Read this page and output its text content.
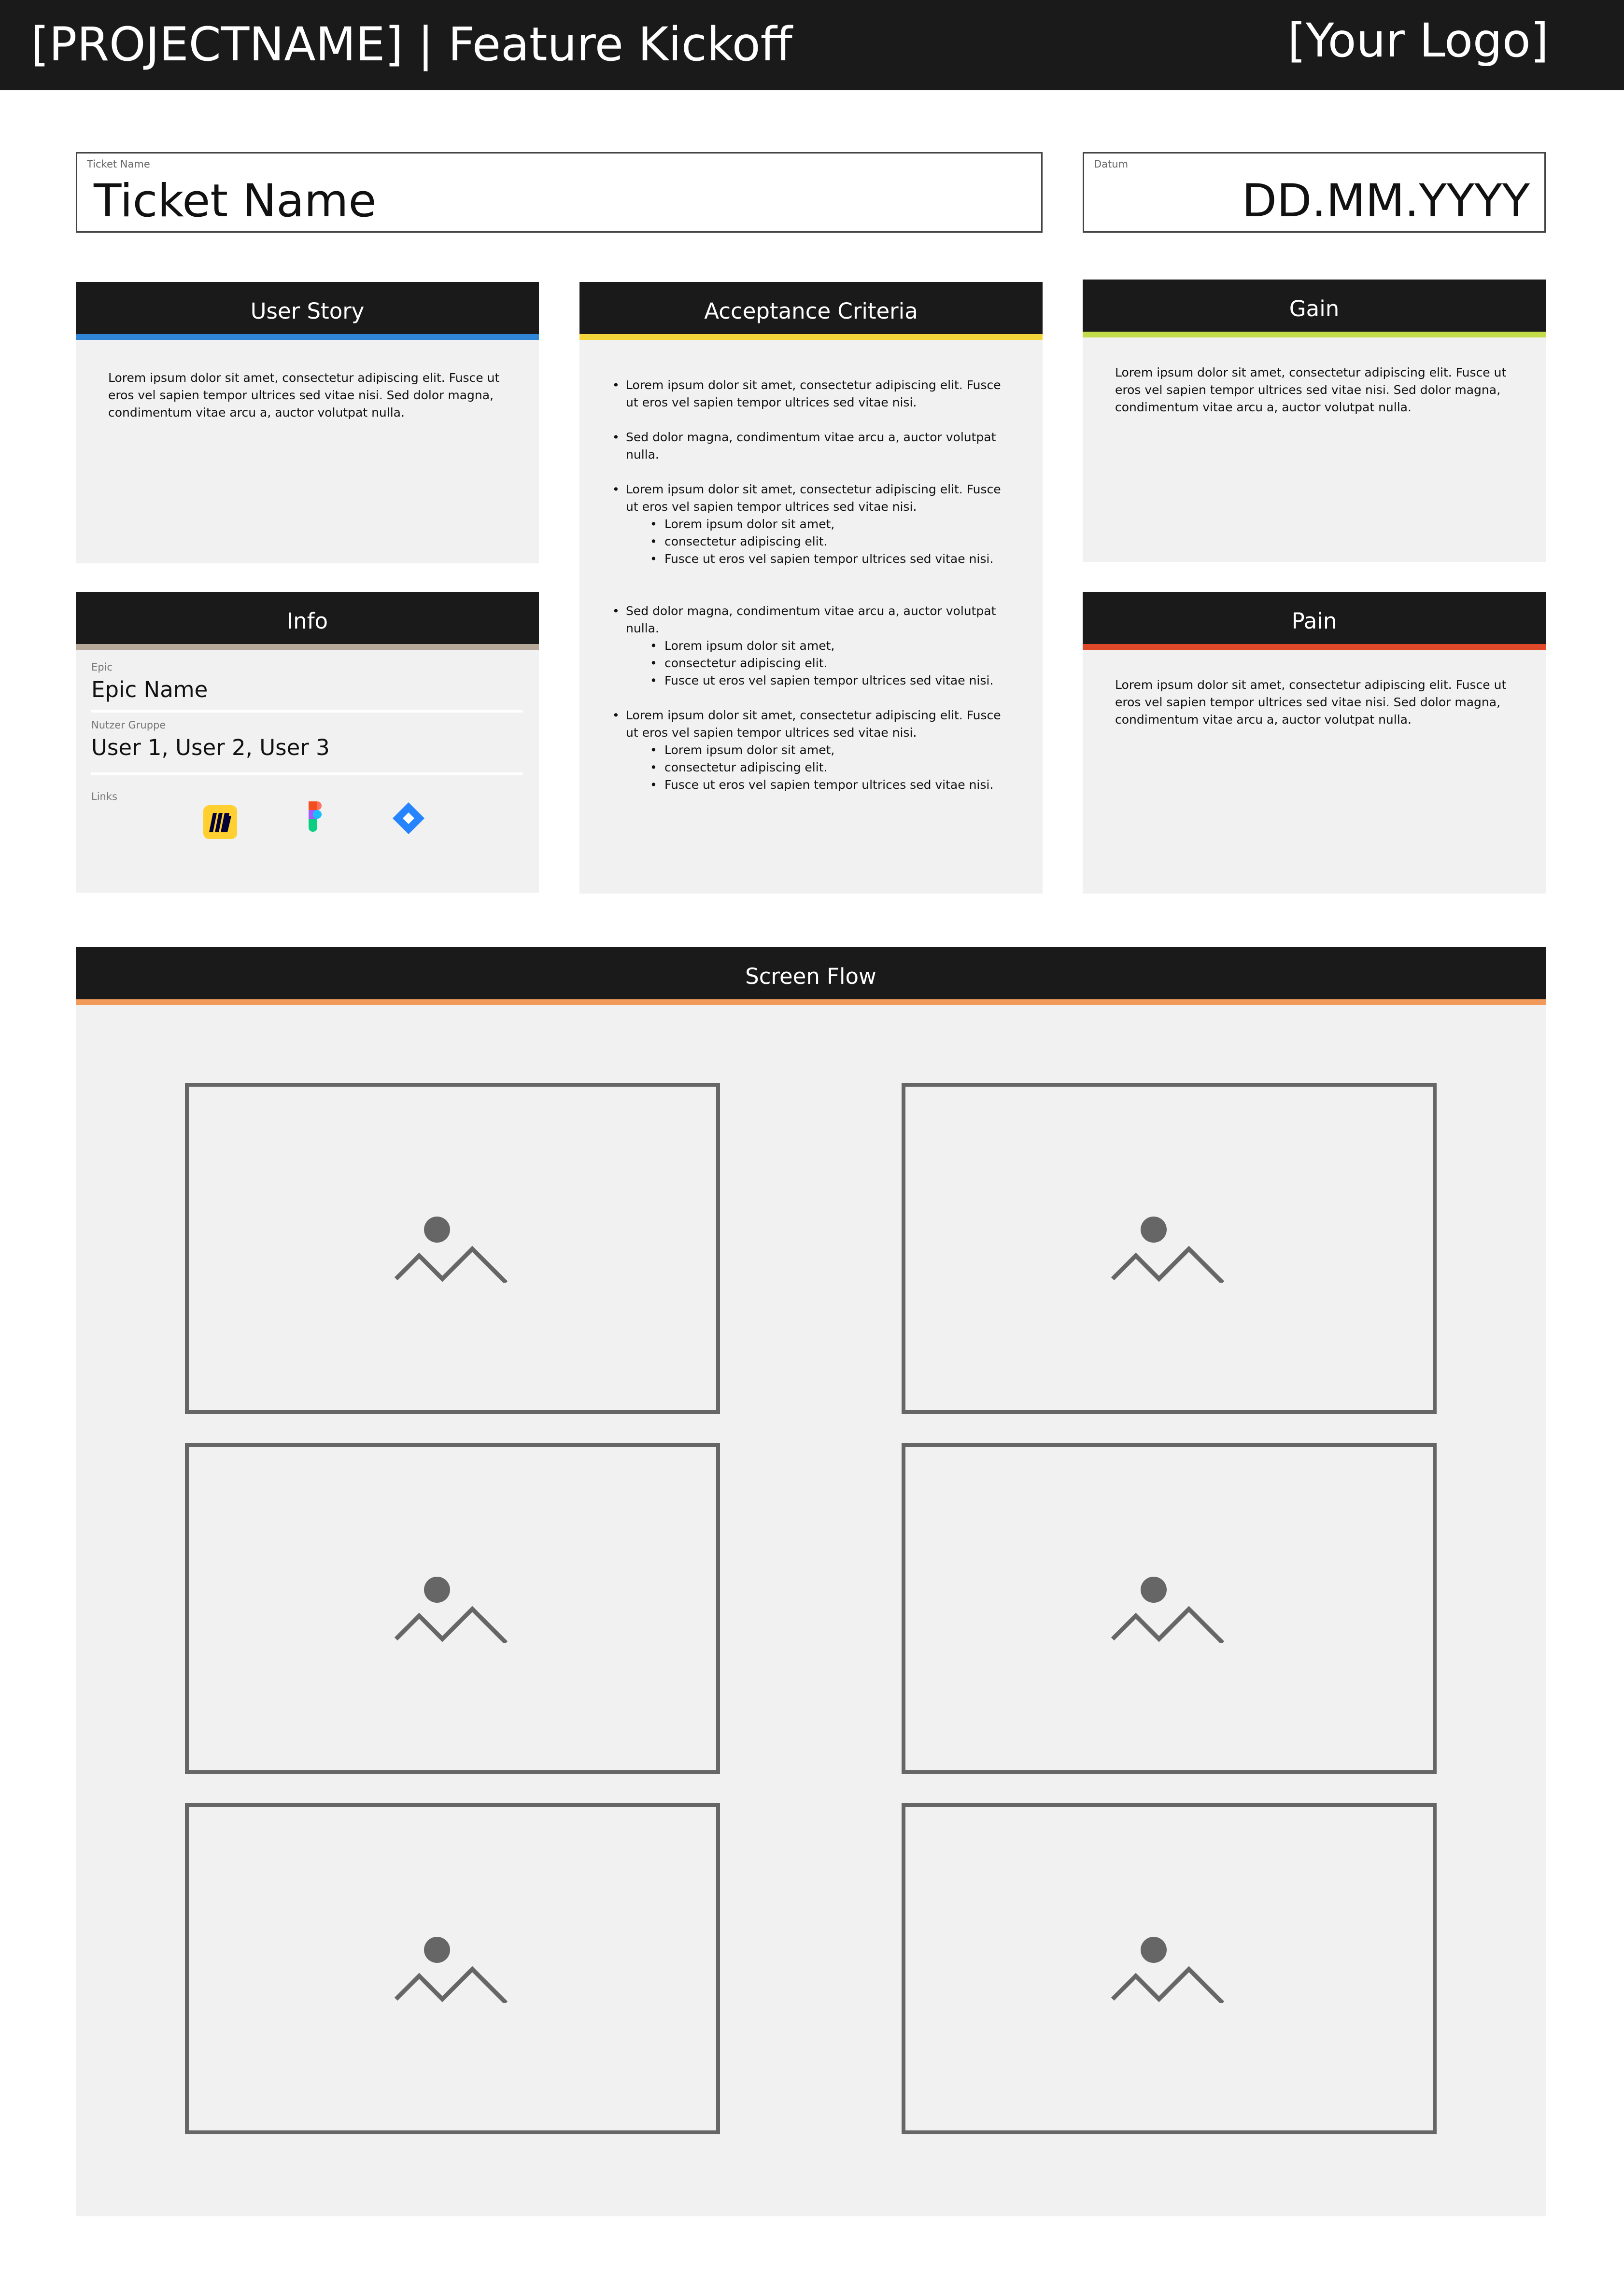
[PROJECTNAME] | Feature Kickoff	[Your Logo]
Ticket Name
Ticket Name
Datum
DD.MM.YYYY
User Story
Lorem ipsum dolor sit amet, consectetur adipiscing elit. Fusce ut eros vel sapien tempor ultrices sed vitae nisi. Sed dolor magna, condimentum vitae arcu a, auctor volutpat nulla.
Acceptance Criteria
• Lorem ipsum dolor sit amet, consectetur adipiscing elit. Fusce ut eros vel sapien tempor ultrices sed vitae nisi.
• Sed dolor magna, condimentum vitae arcu a, auctor volutpat nulla.
• Lorem ipsum dolor sit amet, consectetur adipiscing elit. Fusce ut eros vel sapien tempor ultrices sed vitae nisi.
• Lorem ipsum dolor sit amet,
• consectetur adipiscing elit.
• Fusce ut eros vel sapien tempor ultrices sed vitae nisi.
• Sed dolor magna, condimentum vitae arcu a, auctor volutpat nulla.
• Lorem ipsum dolor sit amet,
• consectetur adipiscing elit.
• Fusce ut eros vel sapien tempor ultrices sed vitae nisi.
• Lorem ipsum dolor sit amet, consectetur adipiscing elit. Fusce ut eros vel sapien tempor ultrices sed vitae nisi.
• Lorem ipsum dolor sit amet,
• consectetur adipiscing elit.
• Fusce ut eros vel sapien tempor ultrices sed vitae nisi.
Gain
Lorem ipsum dolor sit amet, consectetur adipiscing elit. Fusce ut eros vel sapien tempor ultrices sed vitae nisi. Sed dolor magna, condimentum vitae arcu a, auctor volutpat nulla.
Info
Epic
Epic Name
Nutzer Gruppe
User 1, User 2, User 3
Links
Pain
Lorem ipsum dolor sit amet, consectetur adipiscing elit. Fusce ut eros vel sapien tempor ultrices sed vitae nisi. Sed dolor magna, condimentum vitae arcu a, auctor volutpat nulla.
Screen Flow
